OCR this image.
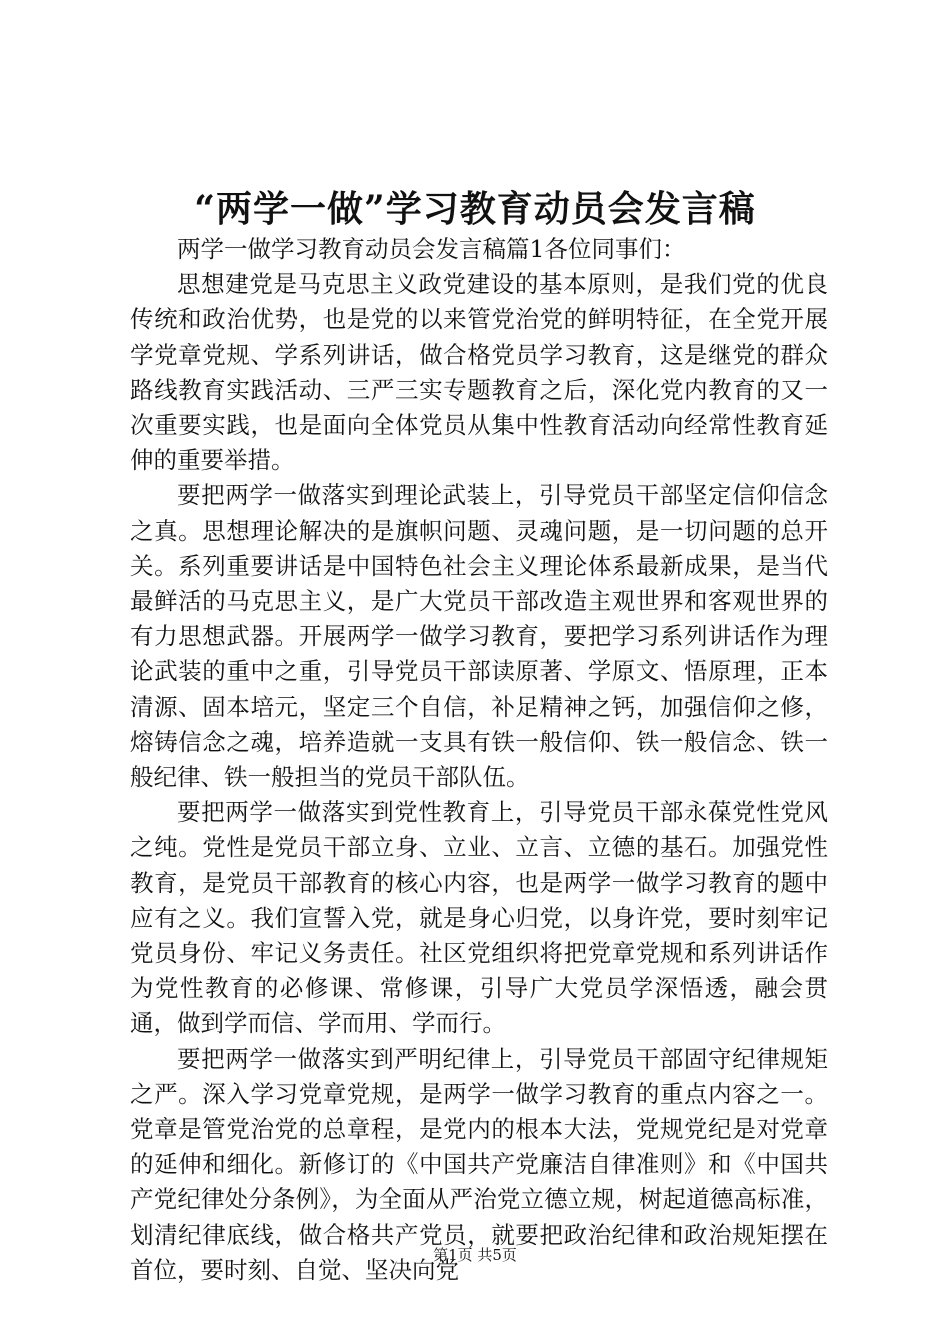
“两学一做”学习教育动员会发言稿

两学一做学习教育动员会发言稿篇1各位同事们：

思想建党是马克思主义政党建设的基本原则，是我们党的优良传统和政治优势，也是党的以来管党治党的鲜明特征，在全党开展学党章党规、学系列讲话，做合格党员学习教育，这是继党的群众路线教育实践活动、三严三实专题教育之后，深化党内教育的又一次重要实践，也是面向全体党员从集中性教育活动向经常性教育延伸的重要举措。

要把两学一做落实到理论武装上，引导党员干部坚定信仰信念之真。思想理论解决的是旗帜问题、灵魂问题，是一切问题的总开关。系列重要讲话是中国特色社会主义理论体系最新成果，是当代最鲜活的马克思主义，是广大党员干部改造主观世界和客观世界的有力思想武器。开展两学一做学习教育，要把学习系列讲话作为理论武装的重中之重，引导党员干部读原著、学原文、悟原理，正本清源、固本培元，坚定三个自信，补足精神之钙，加强信仰之修，熔铸信念之魂，培养造就一支具有铁一般信仰、铁一般信念、铁一般纪律、铁一般担当的党员干部队伍。

要把两学一做落实到党性教育上，引导党员干部永葆党性党风之纯。党性是党员干部立身、立业、立言、立德的基石。加强党性教育，是党员干部教育的核心内容，也是两学一做学习教育的题中应有之义。我们宣誓入党，就是身心归党，以身许党，要时刻牢记党员身份、牢记义务责任。社区党组织将把党章党规和系列讲话作为党性教育的必修课、常修课，引导广大党员学深悟透，融会贯通，做到学而信、学而用、学而行。

要把两学一做落实到严明纪律上，引导党员干部固守纪律规矩之严。深入学习党章党规，是两学一做学习教育的重点内容之一。党章是管党治党的总章程，是党内的根本大法，党规党纪是对党章的延伸和细化。新修订的《中国共产党廉洁自律准则》和《中国共产党纪律处分条例》，为全面从严治党立德立规，树起道德高标准，划清纪律底线，做合格共产党员，就要把政治纪律和政治规矩摆在首位，要时刻、自觉、坚决向党

第1页 共5页
